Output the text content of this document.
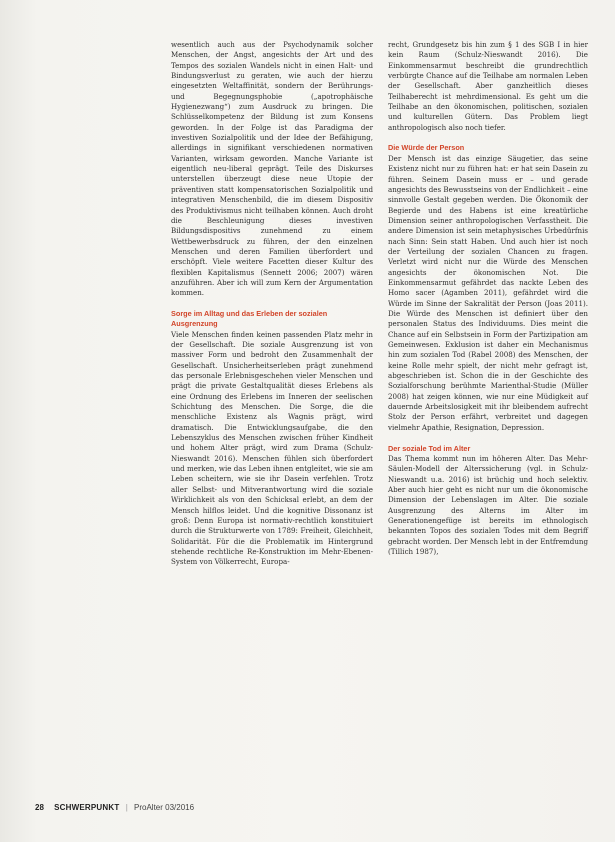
wesentlich auch aus der Psychodynamik solcher Menschen, der Angst, angesichts der Art und des Tempos des sozialen Wandels nicht in einen Halt- und Bindungsverlust zu geraten, wie auch der hierzu eingesetzten Weltaffinität, sondern der Berührungs- und Begegnungsphobie („apotrophäische Hygienezwang“) zum Ausdruck zu bringen. Die Schlüsselkompetenz der Bildung ist zum Konsens geworden. In der Folge ist das Paradigma der investiven Sozialpolitik und der Idee der Befähigung, allerdings in signifikant verschiedenen normativen Varianten, wirksam geworden. Manche Variante ist eigentlich neu-liberal geprägt. Teile des Diskurses unterstellen überzeugt diese neue Utopie der präventiven statt kompensatorischen Sozialpolitik und integrativen Menschenbild, die im diesem Dispositiv des Produktivismus nicht teilhaben können. Auch droht die Beschleunigung dieses investiven Bildungsdispositivs zunehmend zu einem Wettbewerbsdruck zu führen, der den einzelnen Menschen und deren Familien überfordert und erschöpft. Viele weitere Facetten dieser Kultur des flexiblen Kapitalismus (Sennett 2006; 2007) wären anzuführen. Aber ich will zum Kern der Argumentation kommen.

Sorge im Alltag und das Erleben der sozialen Ausgrenzung

Viele Menschen finden keinen passenden Platz mehr in der Gesellschaft. Die soziale Ausgrenzung ist von massiver Form und bedroht den Zusammenhalt der Gesellschaft. Unsicherheitserleben prägt zunehmend das personale Erlebnisgeschehen vieler Menschen und prägt die private Gestaltqualität dieses Erlebens als eine Ordnung des Erlebens im Inneren der seelischen Schichtung des Menschen. Die Sorge, die die menschliche Existenz als Wagnis prägt, wird dramatisch. Die Entwicklungsaufgabe, die den Lebenszyklus des Menschen zwischen früher Kindheit und hohem Alter prägt, wird zum Drama (Schulz-Nieswandt 2016). Menschen fühlen sich überfordert und merken, wie das Leben ihnen entgleitet, wie sie am Leben scheitern, wie sie ihr Dasein verfehlen. Trotz aller Selbst- und Mitverantwortung wird die soziale Wirklichkeit als von den Schicksal erlebt, an dem der Mensch hilflos leidet. Und die kognitive Dissonanz ist groß: Denn Europa ist normativ-rechtlich konstituiert durch die Strukturwerte von 1789: Freiheit, Gleichheit, Solidarität. Für die die Problematik im Hintergrund stehende rechtliche Re-Konstruktion im Mehr-Ebenen-System von Völkerrecht, Europa-

recht, Grundgesetz bis hin zum § 1 des SGB I in hier kein Raum (Schulz-Nieswandt 2016). Die Einkommensarmut beschreibt die grundrechtlich verbürgte Chance auf die Teilhabe am normalen Leben der Gesellschaft. Aber ganzheitlich dieses Teilhaberecht ist mehrdimensional. Es geht um die Teilhabe an den ökonomischen, politischen, sozialen und kulturellen Gütern. Das Problem liegt anthropologisch also noch tiefer.

Die Würde der Person

Der Mensch ist das einzige Säugetier, das seine Existenz nicht nur zu führen hat: er hat sein Dasein zu führen. Seinem Dasein muss er – und gerade angesichts des Bewusstseins von der Endlichkeit – eine sinnvolle Gestalt gegeben werden. Die Ökonomik der Begierde und des Habens ist eine kreatürliche Dimension seiner anthropologischen Verfasstheit. Die andere Dimension ist sein metaphysisches Urbedürfnis nach Sinn: Sein statt Haben. Und auch hier ist noch der Verteilung der sozialen Chancen zu fragen. Verletzt wird nicht nur die Würde des Menschen angesichts der ökonomischen Not. Die Einkommensarmut gefährdet das nackte Leben des Homo sacer (Agamben 2011), gefährdet wird die Würde im Sinne der Sakralität der Person (Joas 2011). Die Würde des Menschen ist definiert über den personalen Status des Individuums. Dies meint die Chance auf ein Selbstsein in Form der Partizipation am Gemeinwesen. Exklusion ist daher ein Mechanismus hin zum sozialen Tod (Rabel 2008) des Menschen, der keine Rolle mehr spielt, der nicht mehr gefragt ist, abgeschrieben ist. Schon die in der Geschichte des Sozialforschung berühmte Marienthal-Studie (Müller 2008) hat zeigen können, wie nur eine Müdigkeit auf dauernde Arbeitslosigkeit mit ihr bleibendem aufrecht Stolz der Person erfährt, verbreitet und dagegen vielmehr Apathie, Resignation, Depression.

Der soziale Tod im Alter

Das Thema kommt nun im höheren Alter. Das Mehr-Säulen-Modell der Alterssicherung (vgl. in Schulz-Nieswandt u.a. 2016) ist brüchig und hoch selektiv. Aber auch hier geht es nicht nur um die ökonomische Dimension der Lebenslagen im Alter. Die soziale Ausgrenzung des Alterns im Alter im Generationengefüge ist bereits im ethnologisch bekannten Topos des sozialen Todes mit dem Begriff gebracht worden. Der Mensch lebt in der Entfremdung (Tillich 1987),

28 SCHWERPUNKT | ProAlter 03/2016
